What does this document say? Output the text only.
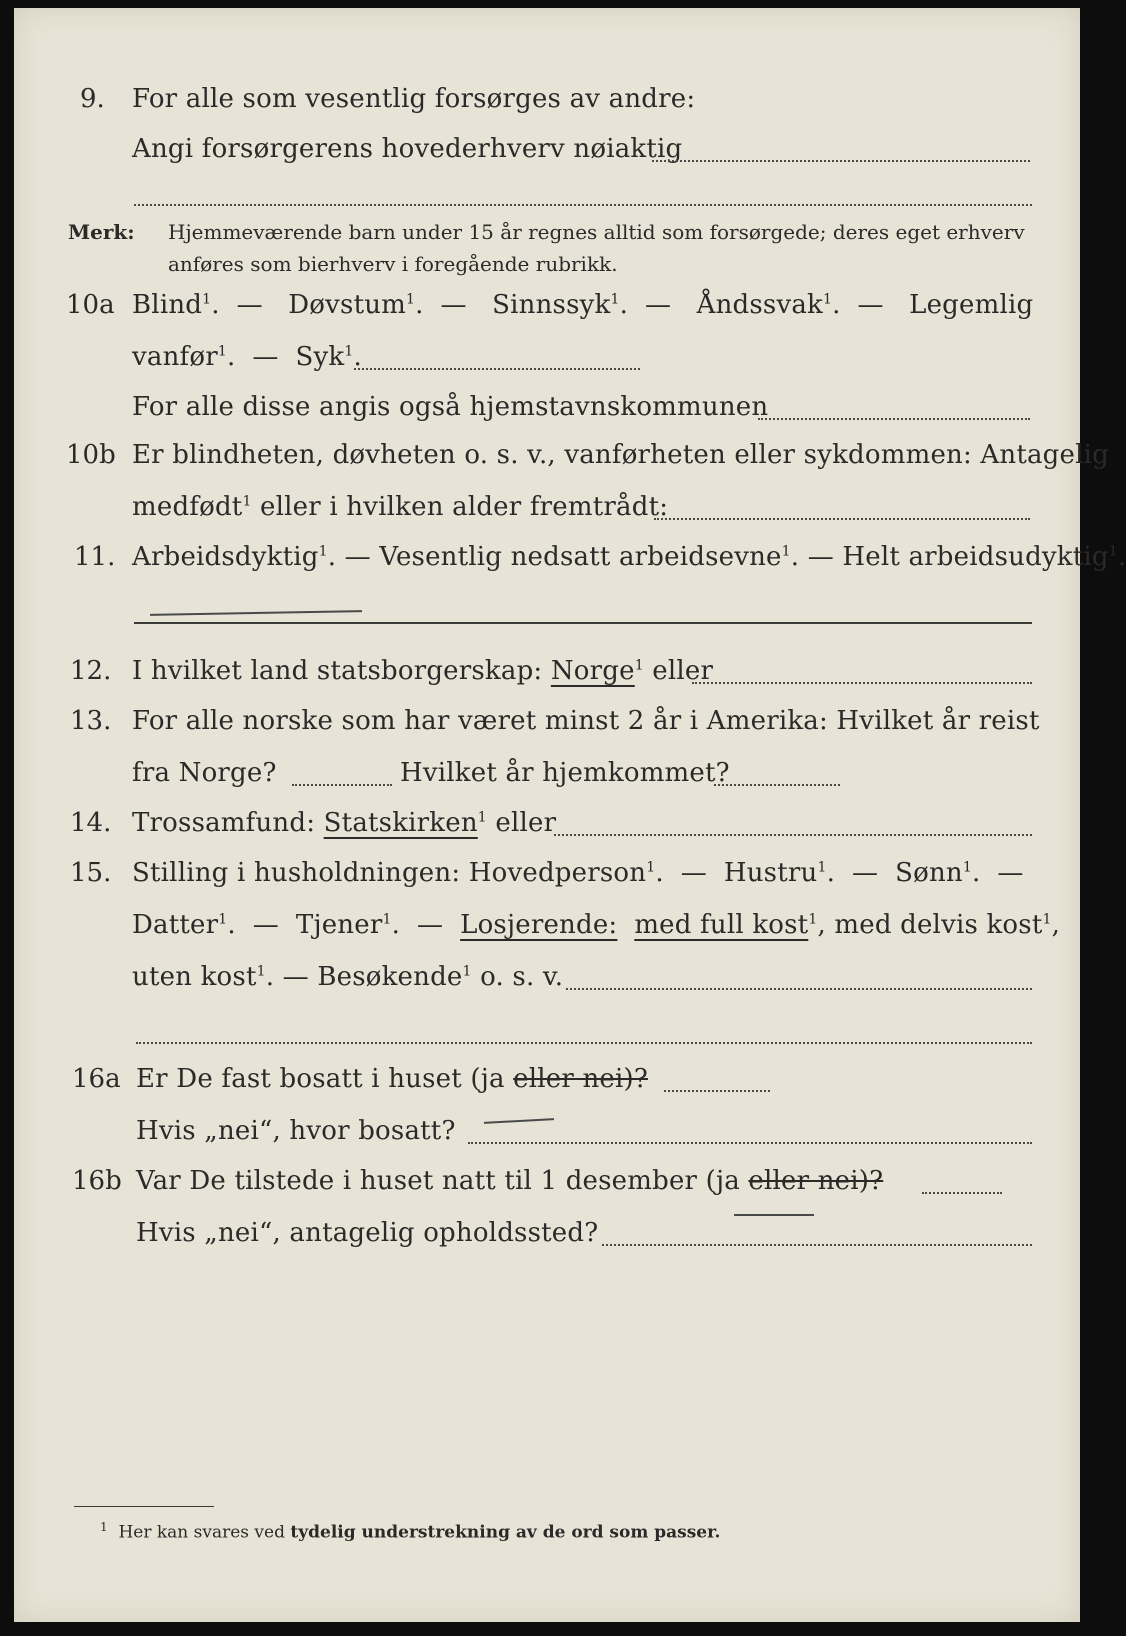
9. For alle som vesentlig forsørges av andre:
Angi forsørgerens hovederhverv nøiaktig
Merk: Hjemmeværende barn under 15 år regnes alltid som forsørgede; deres eget erhverv
anføres som bierhverv i foregående rubrikk.
10a Blind$^1$.  —   Døvstum$^1$.  —   Sinnssyk$^1$.  —   Åndssvak$^1$.  —   Legemlig
vanfør$^1$.  —  Syk$^1$.
For alle disse angis også hjemstavnskommunen
10b Er blindheten, døvheten o. s. v., vanførheten eller sykdommen: Antagelig
medfødt$^1$ eller i hvilken alder fremtrådt:
11. Arbeidsdyktig$^1$. — Vesentlig nedsatt arbeidsevne$^1$. — Helt arbeidsudyktig$^1$.
12. I hvilket land statsborgerskap: Norge$^1$ eller
13. For alle norske som har været minst 2 år i Amerika: Hvilket år reist
fra Norge?	Hvilket år hjemkommet?
14. Trossamfund: Statskirken$^1$ eller
15. Stilling i husholdningen: Hovedperson$^1$.  —  Hustru$^1$.  —  Sønn$^1$.  —
Datter$^1$.  —  Tjener$^1$.  —  Losjerende: med full kost$^1$, med delvis kost$^1$,
uten kost$^1$. — Besøkende$^1$ o. s. v.
16a Er De fast bosatt i huset (ja eller nei)?
Hvis „nei“, hvor bosatt?
16b Var De tilstede i huset natt til 1 desember (ja eller nei)?
Hvis „nei“, antagelig opholdssted?
$^1$ Her kan svares ved tydelig understrekning av de ord som passer.
